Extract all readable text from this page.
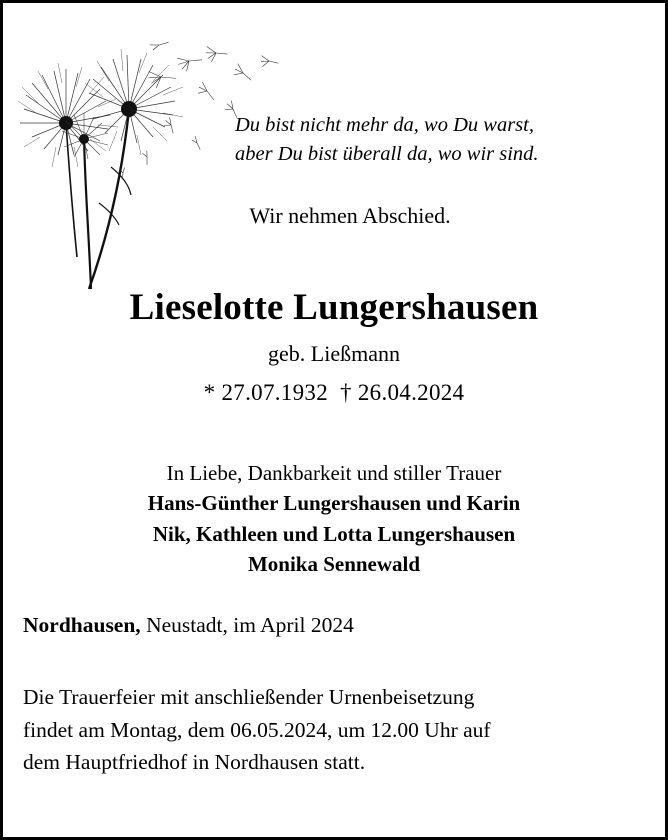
Du bist nicht mehr da, wo Du warst,
aber Du bist überall da, wo wir sind.
Wir nehmen Abschied.
Lieselotte Lungershausen
geb. Ließmann
* 27.07.1932 † 26.04.2024
In Liebe, Dankbarkeit und stiller Trauer
Hans-Günther Lungershausen und Karin
Nik, Kathleen und Lotta Lungershausen
Monika Sennewald
Nordhausen, Neustadt, im April 2024
Die Trauerfeier mit anschließender Urnenbeisetzung
findet am Montag, dem 06.05.2024, um 12.00 Uhr auf
dem Hauptfriedhof in Nordhausen statt.
